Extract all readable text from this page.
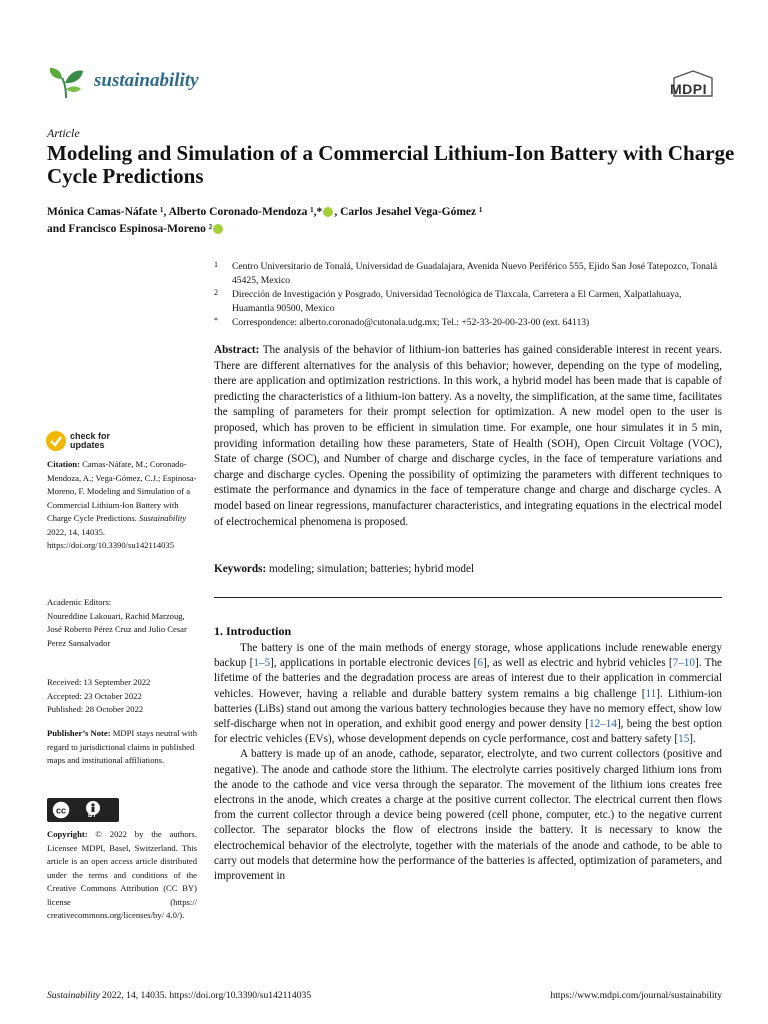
sustainability	MDPI
Article
Modeling and Simulation of a Commercial Lithium-Ion Battery with Charge Cycle Predictions
Mónica Camas-Náfate ¹, Alberto Coronado-Mendoza ¹,* , Carlos Jesahel Vega-Gómez ¹
and Francisco Espinosa-Moreno ²
1 Centro Universitario de Tonalá, Universidad de Guadalajara, Avenida Nuevo Periférico 555, Ejido San José Tatepozco, Tonalá 45425, Mexico
2 Dirección de Investigación y Posgrado, Universidad Tecnológica de Tlaxcala, Carretera a El Carmen, Xalpatlahuaya, Huamantla 90500, Mexico
* Correspondence: alberto.coronado@cutonala.udg.mx; Tel.: +52-33-20-00-23-00 (ext. 64113)
Abstract: The analysis of the behavior of lithium-ion batteries has gained considerable interest in recent years. There are different alternatives for the analysis of this behavior; however, depending on the type of modeling, there are application and optimization restrictions. In this work, a hybrid model has been made that is capable of predicting the characteristics of a lithium-ion battery. As a novelty, the simplification, at the same time, facilitates the sampling of parameters for their prompt selection for optimization. A new model open to the user is proposed, which has proven to be efficient in simulation time. For example, one hour simulates it in 5 min, providing information detailing how these parameters, State of Health (SOH), Open Circuit Voltage (VOC), State of charge (SOC), and Number of charge and discharge cycles, in the face of temperature variations and charge and discharge cycles. Opening the possibility of optimizing the parameters with different techniques to estimate the performance and dynamics in the face of temperature change and charge and discharge cycles. A model based on linear regressions, manufacturer characteristics, and integrating equations in the electrical model of electrochemical phenomena is proposed.
Keywords: modeling; simulation; batteries; hybrid model
1. Introduction

The battery is one of the main methods of energy storage, whose applications include renewable energy backup [1–5], applications in portable electronic devices [6], as well as electric and hybrid vehicles [7–10]. The lifetime of the batteries and the degradation process are areas of interest due to their application in commercial vehicles. However, having a reliable and durable battery system remains a big challenge [11]. Lithium-ion batteries (LiBs) stand out among the various battery technologies because they have no memory effect, show low self-discharge when not in operation, and exhibit good energy and power density [12–14], being the best option for electric vehicles (EVs), whose development depends on cycle performance, cost and battery safety [15].

A battery is made up of an anode, cathode, separator, electrolyte, and two current collectors (positive and negative). The anode and cathode store the lithium. The electrolyte carries positively charged lithium ions from the anode to the cathode and vice versa through the separator. The movement of the lithium ions creates free electrons in the anode, which creates a charge at the positive current collector. The electrical current then flows from the current collector through a device being powered (cell phone, computer, etc.) to the negative current collector. The separator blocks the flow of electrons inside the battery. It is necessary to know the electrochemical behavior of the electrolyte, together with the materials of the anode and cathode, to be able to carry out models that determine how the performance of the batteries is affected, optimization of parameters, and improvement in

check for
updates
Citation: Camas-Náfate, M.; Coronado-Mendoza, A.; Vega-Gómez, C.J.; Espinosa-Moreno, F. Modeling and Simulation of a Commercial Lithium-Ion Battery with Charge Cycle Predictions. Sustainability 2022, 14, 14035. https://doi.org/10.3390/su142114035
Academic Editors:
Noureddine Lakouari, Rachid Marzoug, José Roberto Pérez Cruz and Julio Cesar Perez Sansalvador
Received: 13 September 2022
Accepted: 23 October 2022
Published: 28 October 2022
Publisher’s Note: MDPI stays neutral with regard to jurisdictional claims in published maps and institutional affiliations.
cc
BY
Copyright: © 2022 by the authors. Licensee MDPI, Basel, Switzerland. This article is an open access article distributed under the terms and conditions of the Creative Commons Attribution (CC BY) license (https:// creativecommons.org/licenses/by/ 4.0/).
Sustainability 2022, 14, 14035. https://doi.org/10.3390/su142114035	https://www.mdpi.com/journal/sustainability
